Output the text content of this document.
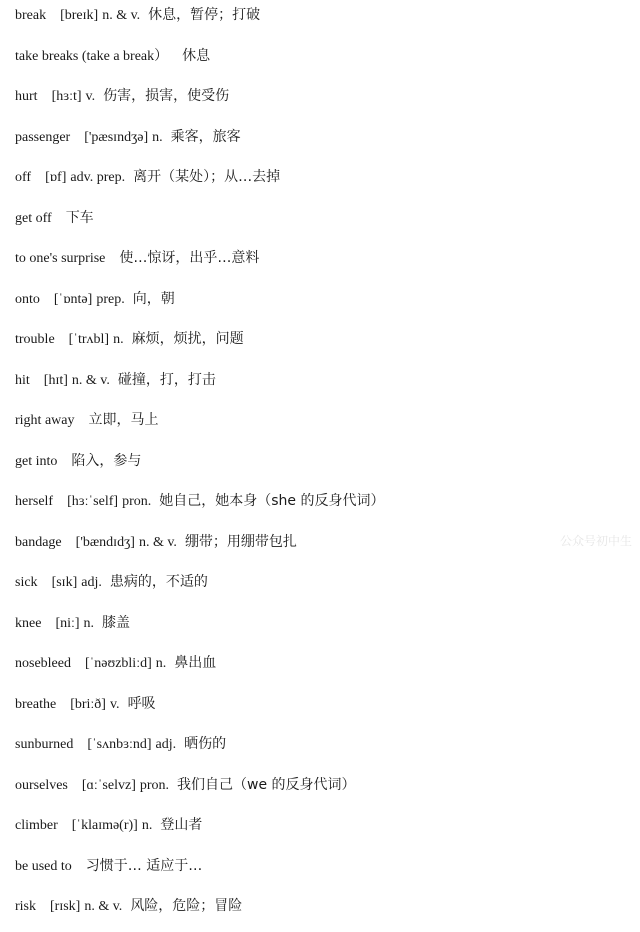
break [breɪk] n. & v. 休息，暂停；打破
take breaks (take a break） 休息
hurt [hɜːt] v. 伤害，损害，使受伤
passenger ['pæsɪndʒə] n. 乘客，旅客
off [ɒf] adv. prep. 离开（某处）；从…去掉
get off 下车
to one's surprise 使…惊讶，出乎…意料
onto [ˈɒntə] prep. 向，朝
trouble [ˈtrʌbl] n. 麻烦，烦扰，问题
hit [hɪt] n. & v. 碰撞，打，打击
right away 立即，马上
get into 陷入，参与
herself [hɜːˈself] pron. 她自己，她本身（she 的反身代词）
bandage ['bændɪdʒ] n. & v. 绷带；用绷带包扎
sick [sɪk] adj. 患病的，不适的
knee [niː] n. 膝盖
nosebleed [ˈnəʊzbliːd] n. 鼻出血
breathe [briːð] v. 呼吸
sunburned [ˈsʌnbɜːnd] adj. 晒伤的
ourselves [ɑːˈselvz] pron. 我们自己（we 的反身代词）
climber [ˈklaɪmə(r)] n. 登山者
be used to 习惯于… 适应于…
risk [rɪsk] n. & v. 风险，危险；冒险
公众号初中生
